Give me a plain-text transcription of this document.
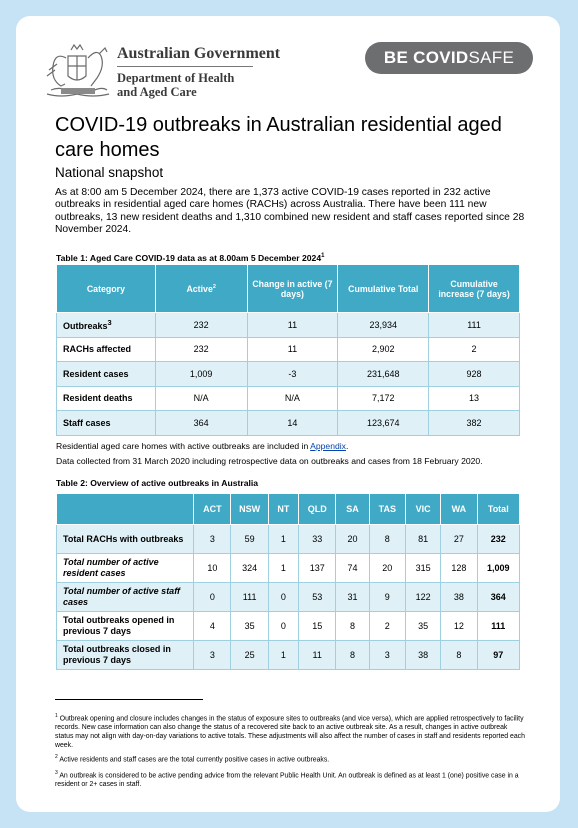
Australian Government
Department of Health
and Aged Care
BE COVIDSAFE
COVID-19 outbreaks in Australian residential aged care homes
National snapshot
As at 8:00 am 5 December 2024, there are 1,373 active COVID-19 cases reported in 232 active outbreaks in residential aged care homes (RACHs) across Australia. There have been 111 new outbreaks, 13 new resident deaths and 1,310 combined new resident and staff cases reported since 28 November 2024.
Table 1: Aged Care COVID-19 data as at 8.00am 5 December 2024$^1$
Category	Active$^2$	Change in active (7 days)	Cumulative Total	Cumulative increase (7 days)
Outbreaks$^3$	232	11	23,934	111
RACHs affected	232	11	2,902	2
Resident cases	1,009	-3	231,648	928
Resident deaths	N/A	N/A	7,172	13
Staff cases	364	14	123,674	382
Residential aged care homes with active outbreaks are included in Appendix.
Data collected from 31 March 2020 including retrospective data on outbreaks and cases from 18 February 2020.
Table 2: Overview of active outbreaks in Australia
	ACT	NSW	NT	QLD	SA	TAS	VIC	WA	Total
Total RACHs with outbreaks	3	59	1	33	20	8	81	27	232
Total number of active resident cases	10	324	1	137	74	20	315	128	1,009
Total number of active staff cases	0	111	0	53	31	9	122	38	364
Total outbreaks opened in previous 7 days	4	35	0	15	8	2	35	12	111
Total outbreaks closed in previous 7 days	3	25	1	11	8	3	38	8	97

$^1$ Outbreak opening and closure includes changes in the status of exposure sites to outbreaks (and vice versa), which are applied retrospectively to facility records. New case information can also change the status of a recovered site back to an active outbreak site. As a result, changes in active outbreak status may not align with day-on-day variations to active totals. These adjustments will also affect the number of cases in staff and residents reported each week.

$^2$ Active residents and staff cases are the total currently positive cases in active outbreaks.

$^3$ An outbreak is considered to be active pending advice from the relevant Public Health Unit. An outbreak is defined as at least 1 (one) positive case in a resident or 2+ cases in staff.
